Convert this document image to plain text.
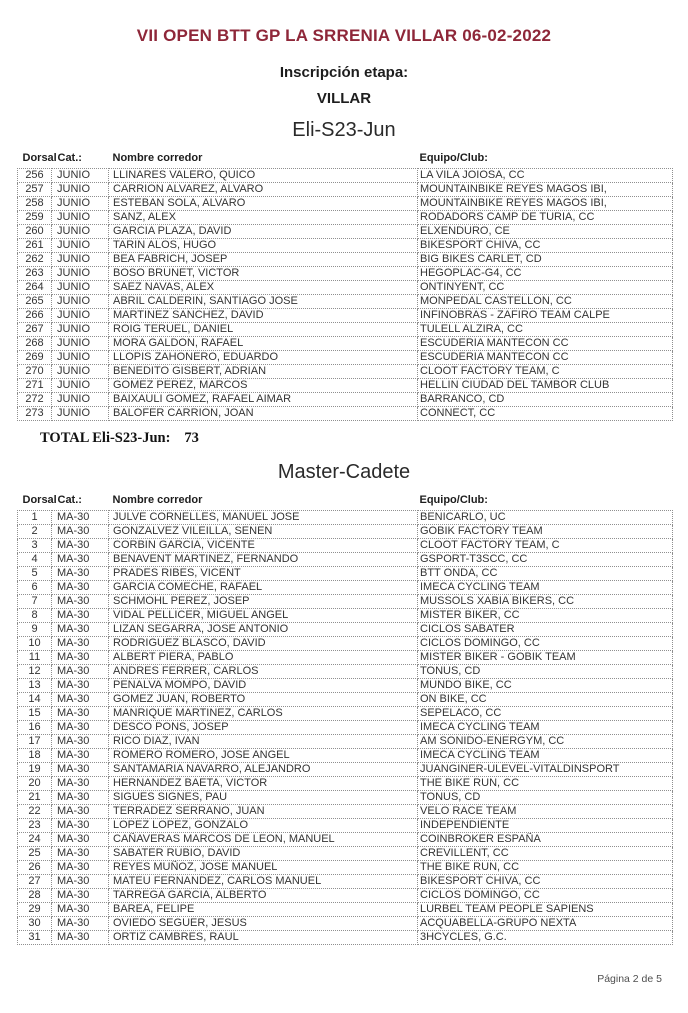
VII OPEN BTT GP LA SRRENIA VILLAR 06-02-2022
Inscripción etapa:
VILLAR
Eli-S23-Jun
Dorsal	Cat.:	Nombre corredor	Equipo/Club:
256	JUNIO	LLINARES VALERO, QUICO	LA VILA JOIOSA, CC
257	JUNIO	CARRION ALVAREZ, ALVARO	MOUNTAINBIKE REYES MAGOS IBI,
258	JUNIO	ESTEBAN SOLA, ALVARO	MOUNTAINBIKE REYES MAGOS IBI,
259	JUNIO	SANZ, ALEX	RODADORS CAMP DE TURIA, CC
260	JUNIO	GARCIA PLAZA, DAVID	ELXENDURO, CE
261	JUNIO	TARIN ALOS, HUGO	BIKESPORT CHIVA, CC
262	JUNIO	BEA FABRICH, JOSEP	BIG BIKES CARLET, CD
263	JUNIO	BOSO BRUNET, VICTOR	HEGOPLAC-G4, CC
264	JUNIO	SAEZ NAVAS, ALEX	ONTINYENT, CC
265	JUNIO	ABRIL CALDERIN, SANTIAGO JOSE	MONPEDAL CASTELLON, CC
266	JUNIO	MARTINEZ SANCHEZ, DAVID	INFINOBRAS - ZAFIRO TEAM CALPE
267	JUNIO	ROIG TERUEL, DANIEL	TULELL ALZIRA, CC
268	JUNIO	MORA GALDON, RAFAEL	ESCUDERIA MANTECON CC
269	JUNIO	LLOPIS ZAHONERO, EDUARDO	ESCUDERIA MANTECON CC
270	JUNIO	BENEDITO GISBERT, ADRIAN	CLOOT FACTORY TEAM, C
271	JUNIO	GOMEZ PEREZ, MARCOS	HELLIN CIUDAD DEL TAMBOR CLUB
272	JUNIO	BAIXAULI GOMEZ, RAFAEL AIMAR	BARRANCO, CD
273	JUNIO	BALOFER CARRION, JOAN	CONNECT, CC

TOTAL Eli-S23-Jun: 73

Master-Cadete
Dorsal	Cat.:	Nombre corredor	Equipo/Club:
1	MA-30	JULVE CORNELLES, MANUEL JOSE	BENICARLO, UC
2	MA-30	GONZALVEZ VILEILLA, SENEN	GOBIK FACTORY TEAM
3	MA-30	CORBIN GARCIA, VICENTE	CLOOT FACTORY TEAM, C
4	MA-30	BENAVENT MARTINEZ, FERNANDO	GSPORT-T3SCC, CC
5	MA-30	PRADES RIBES, VICENT	BTT ONDA, CC
6	MA-30	GARCIA COMECHE, RAFAEL	IMECA CYCLING TEAM
7	MA-30	SCHMOHL PEREZ, JOSEP	MUSSOLS XABIA BIKERS, CC
8	MA-30	VIDAL PELLICER, MIGUEL ANGEL	MISTER BIKER, CC
9	MA-30	LIZAN SEGARRA, JOSE ANTONIO	CICLOS SABATER
10	MA-30	RODRIGUEZ BLASCO, DAVID	CICLOS DOMINGO, CC
11	MA-30	ALBERT PIERA, PABLO	MISTER BIKER - GOBIK TEAM
12	MA-30	ANDRES FERRER, CARLOS	TONUS, CD
13	MA-30	PENALVA MOMPO, DAVID	MUNDO BIKE, CC
14	MA-30	GOMEZ JUAN, ROBERTO	ON BIKE, CC
15	MA-30	MANRIQUE MARTINEZ, CARLOS	SEPELACO, CC
16	MA-30	DESCO PONS, JOSEP	IMECA CYCLING TEAM
17	MA-30	RICO DIAZ, IVAN	AM SONIDO-ENERGYM, CC
18	MA-30	ROMERO ROMERO, JOSE ANGEL	IMECA CYCLING TEAM
19	MA-30	SANTAMARIA NAVARRO, ALEJANDRO	JUANGINER-ULEVEL-VITALDINSPORT
20	MA-30	HERNANDEZ BAETA, VICTOR	THE BIKE RUN, CC
21	MA-30	SIGUES SIGNES, PAU	TONUS, CD
22	MA-30	TERRADEZ SERRANO, JUAN	VELO RACE TEAM
23	MA-30	LOPEZ LOPEZ, GONZALO	INDEPENDIENTE
24	MA-30	CAÑAVERAS MARCOS DE LEON, MANUEL	COINBROKER ESPAÑA
25	MA-30	SABATER RUBIO, DAVID	CREVILLENT, CC
26	MA-30	REYES MUÑOZ, JOSE MANUEL	THE BIKE RUN, CC
27	MA-30	MATEU FERNANDEZ, CARLOS MANUEL	BIKESPORT CHIVA, CC
28	MA-30	TARREGA GARCIA, ALBERTO	CICLOS DOMINGO, CC
29	MA-30	BAREA, FELIPE	LURBEL TEAM PEOPLE SAPIENS
30	MA-30	OVIEDO SEGUER, JESUS	ACQUABELLA-GRUPO NEXTA
31	MA-30	ORTIZ CAMBRES, RAUL	3HCYCLES, G.C.
Página 2 de 5
